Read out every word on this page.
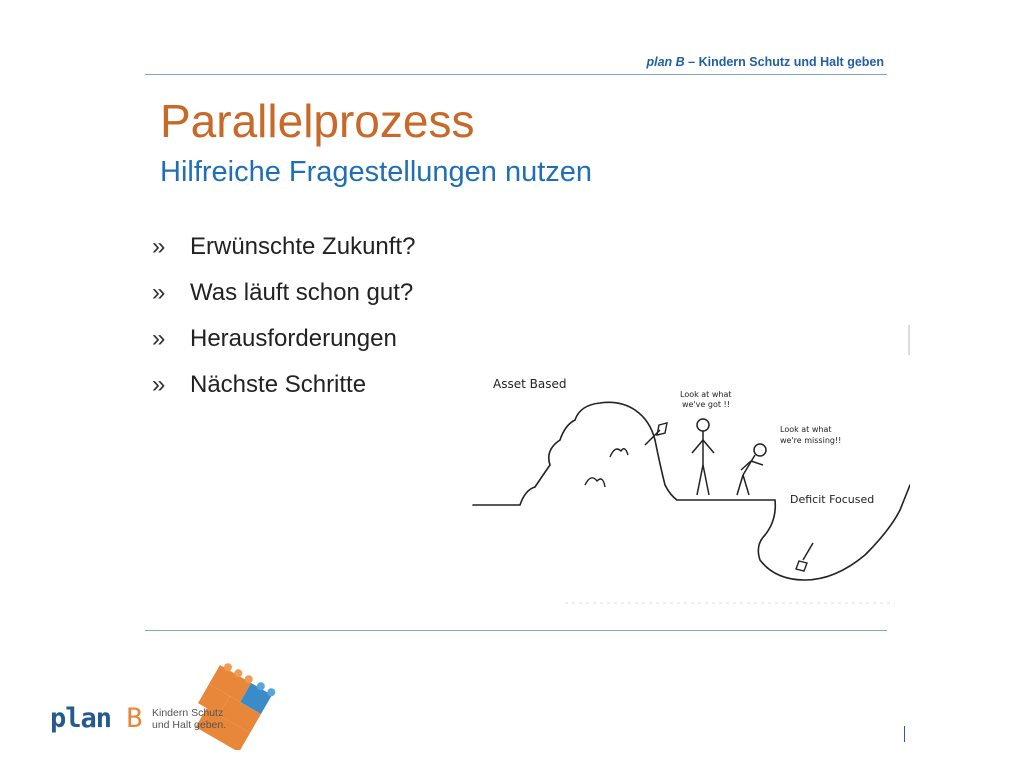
plan B – Kindern Schutz und Halt geben
Parallelprozess
Hilfreiche Fragestellungen nutzen
» Erwünschte Zukunft?
» Was läuft schon gut?
» Herausforderungen
» Nächste Schritte	Asset Based
Look at what
we've got !!
Look at what
we're missing!!
Deficit Focused
plan B Kindern Schutz
und Halt geben.
